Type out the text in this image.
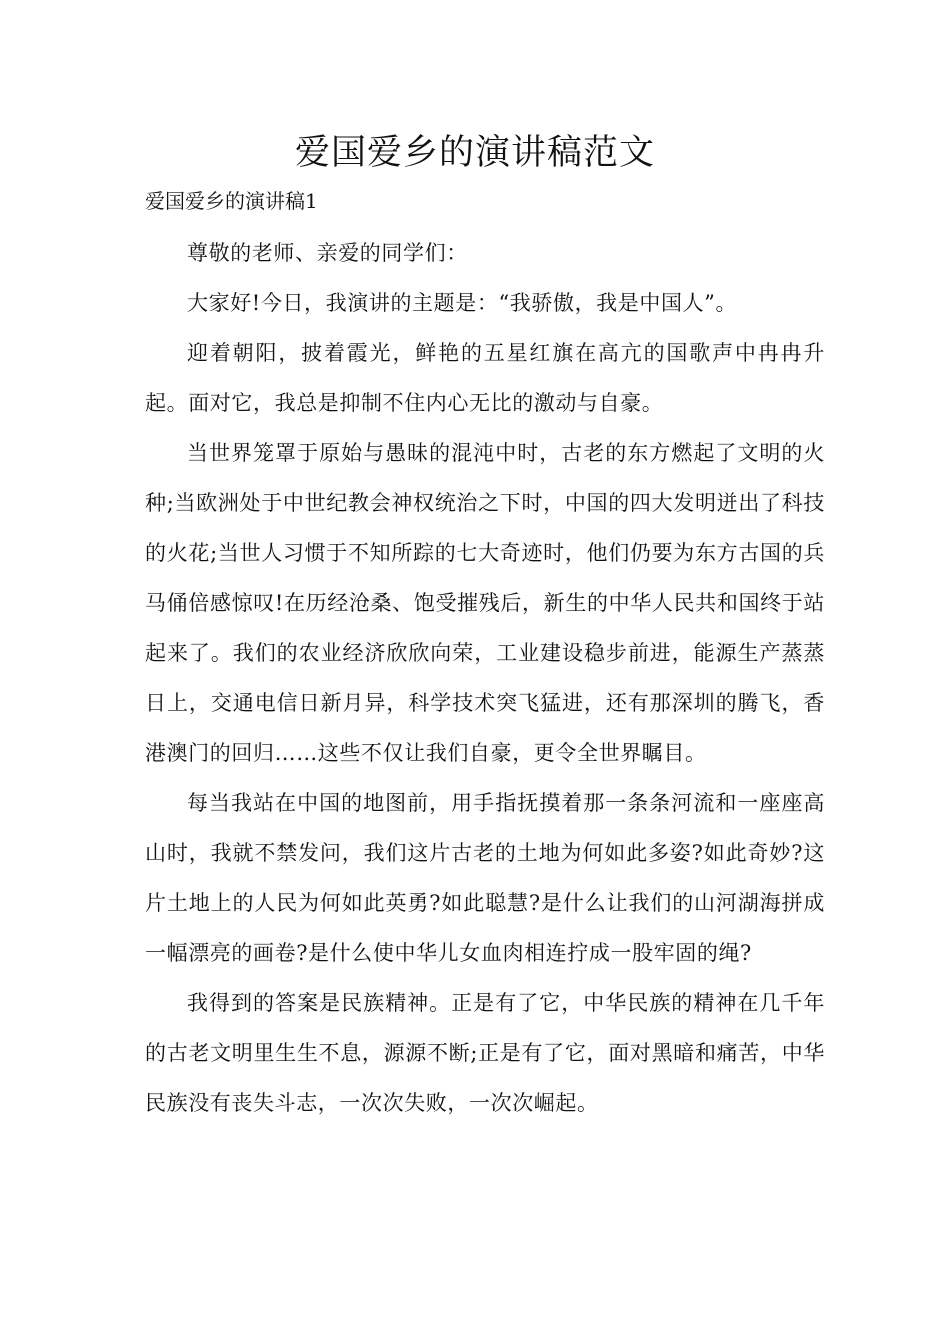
爱国爱乡的演讲稿范文

爱国爱乡的演讲稿1

尊敬的老师、亲爱的同学们：

大家好!今日，我演讲的主题是：“我骄傲，我是中国人”。

迎着朝阳，披着霞光，鲜艳的五星红旗在高亢的国歌声中冉冉升起。面对它，我总是抑制不住内心无比的激动与自豪。

当世界笼罩于原始与愚昧的混沌中时，古老的东方燃起了文明的火种;当欧洲处于中世纪教会神权统治之下时，中国的四大发明迸出了科技的火花;当世人习惯于不知所踪的七大奇迹时，他们仍要为东方古国的兵马俑倍感惊叹!在历经沧桑、饱受摧残后，新生的中华人民共和国终于站起来了。我们的农业经济欣欣向荣，工业建设稳步前进，能源生产蒸蒸日上，交通电信日新月异，科学技术突飞猛进，还有那深圳的腾飞，香港澳门的回归……这些不仅让我们自豪，更令全世界瞩目。

每当我站在中国的地图前，用手指抚摸着那一条条河流和一座座高山时，我就不禁发问，我们这片古老的土地为何如此多姿?如此奇妙?这片土地上的人民为何如此英勇?如此聪慧?是什么让我们的山河湖海拼成一幅漂亮的画卷?是什么使中华儿女血肉相连拧成一股牢固的绳?

我得到的答案是民族精神。正是有了它，中华民族的精神在几千年的古老文明里生生不息，源源不断;正是有了它，面对黑暗和痛苦，中华民族没有丧失斗志，一次次失败，一次次崛起。
